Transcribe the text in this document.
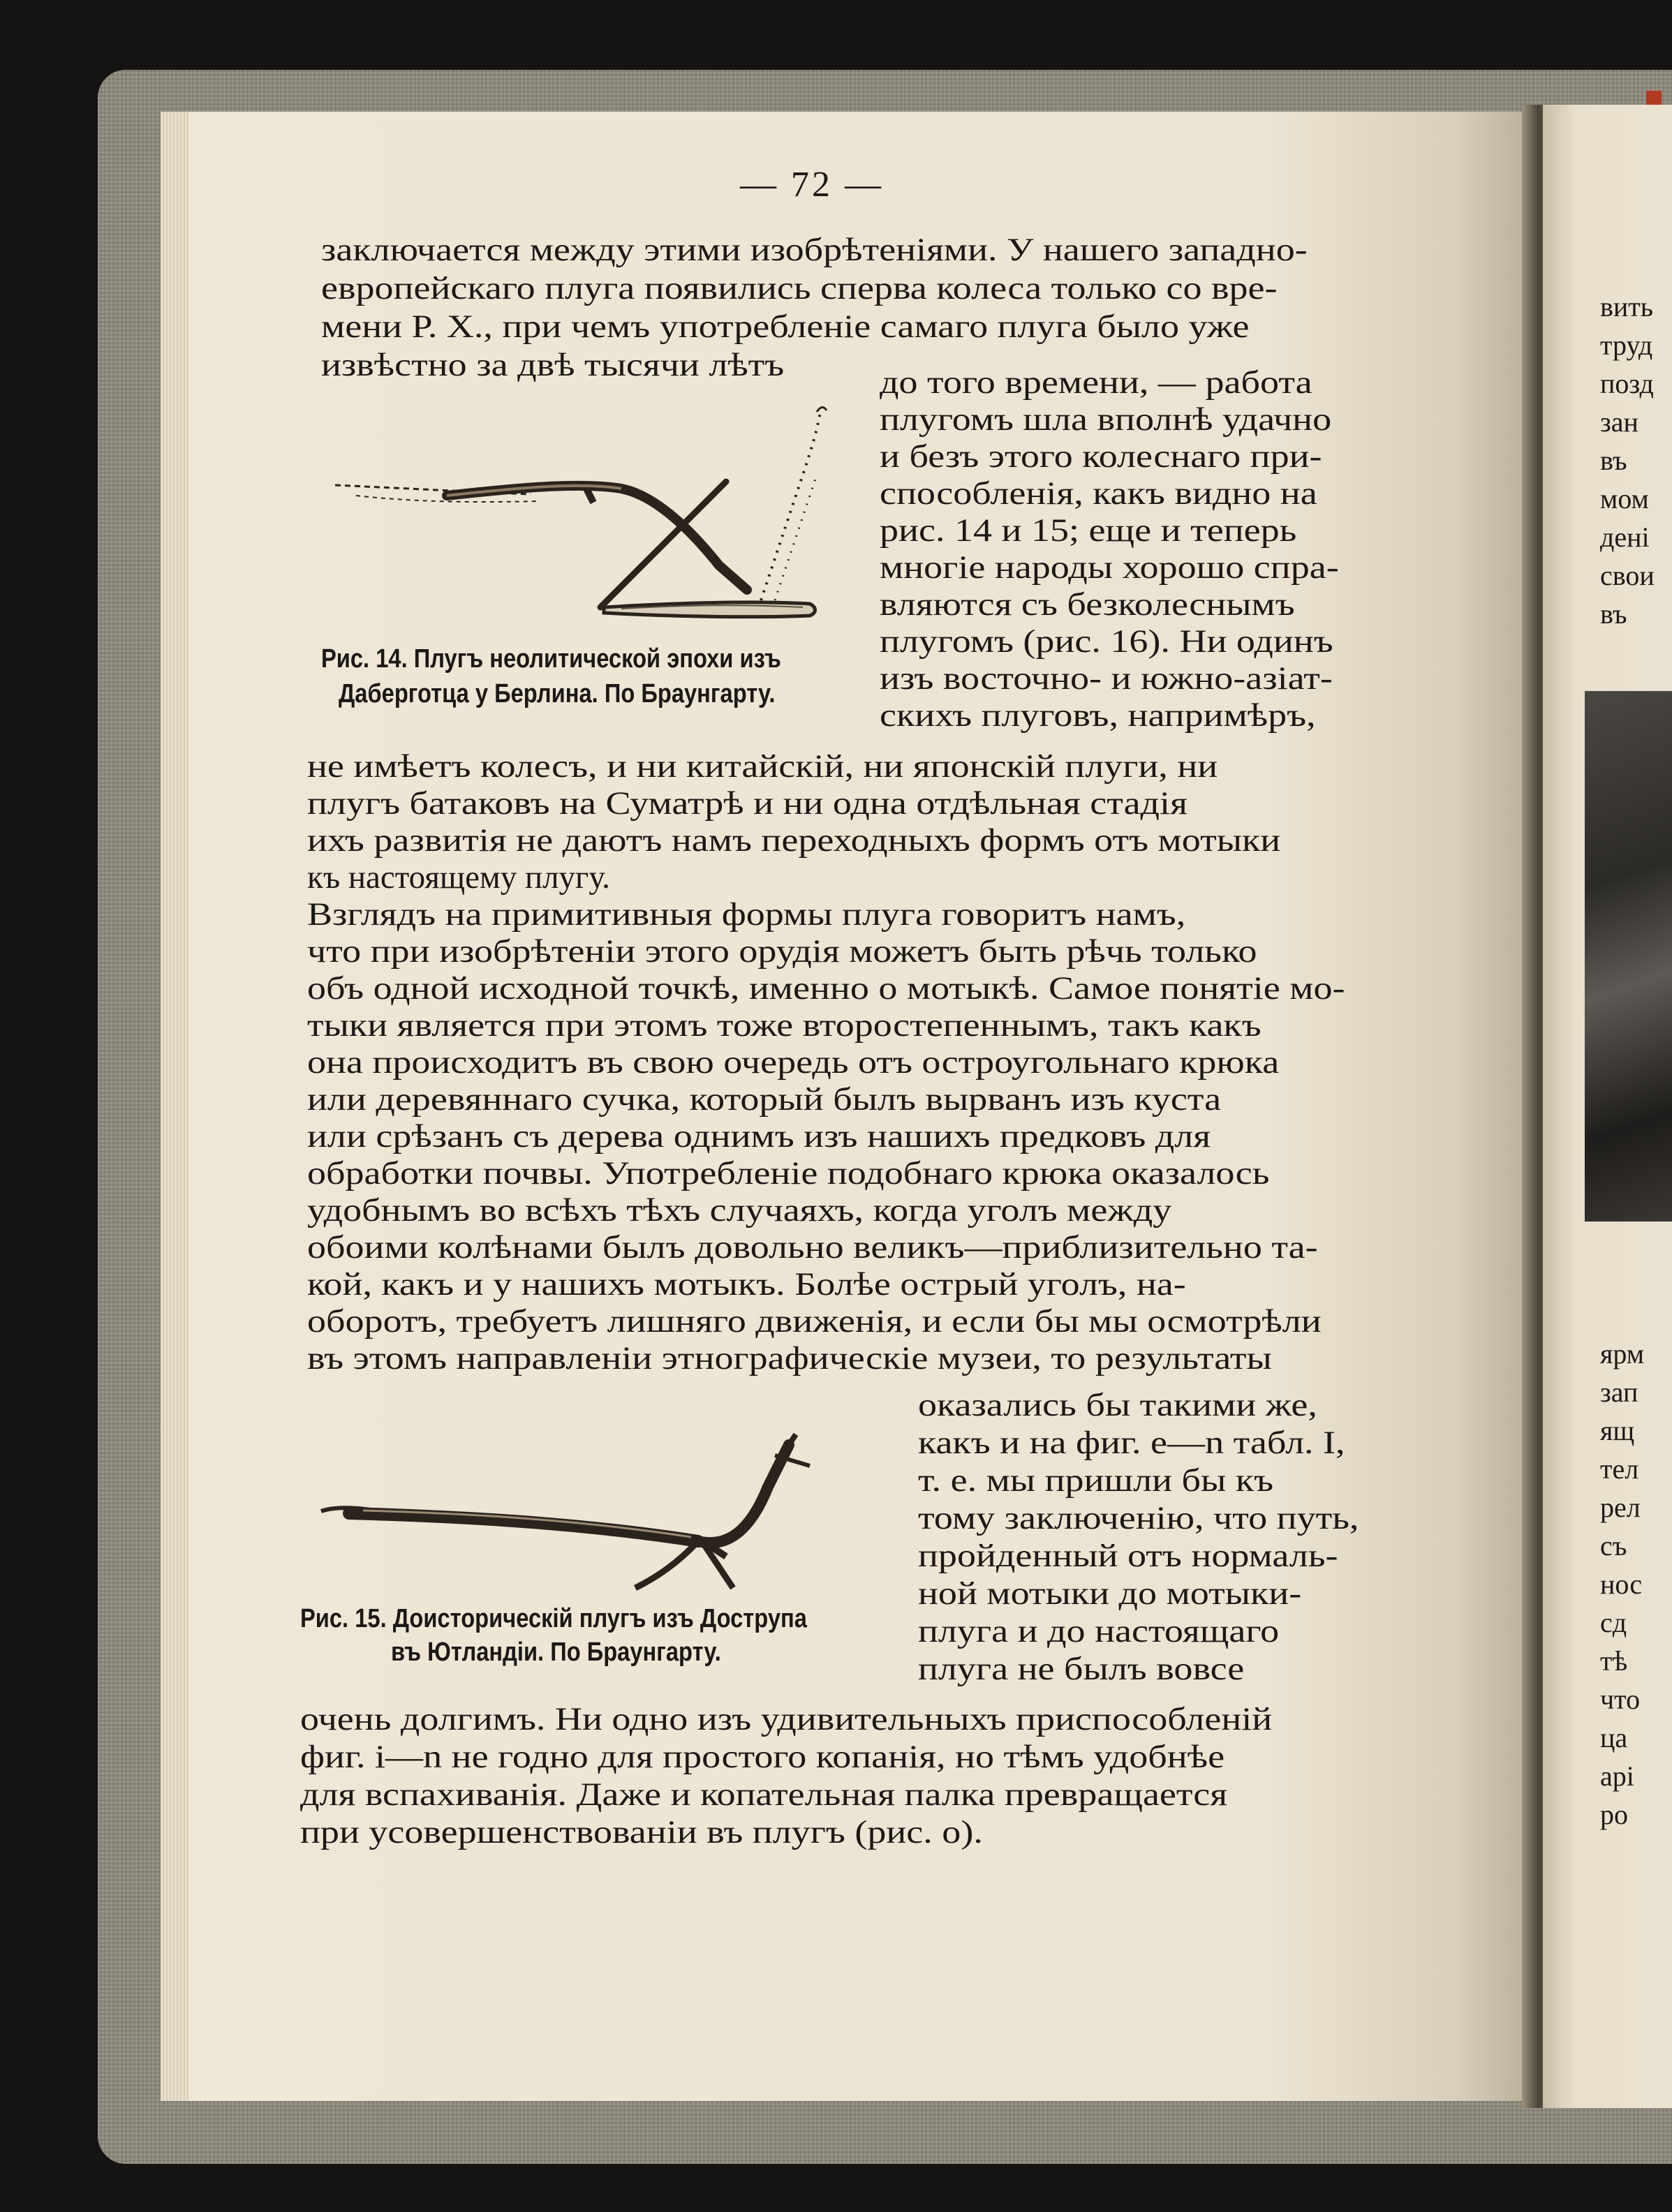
вить
труд
позд
зан
въ
мом
дені
свои
въ
ярм
зап
ящ
тел
рел
съ
нос
сд
тѣ
что
ца
арі
ро
— 72 —
заключается между этими изобрѣтеніями. У нашего западно-
европейскаго плуга появились сперва колеса только со вре-
мени Р. Х., при чемъ употребленіе самаго плуга было уже
извѣстно за двѣ тысячи лѣтъ	до того времени, — работа
плугомъ шла вполнѣ удачно
и безъ этого колеснаго при-
способленія, какъ видно на
рис. 14 и 15; еще и теперь
многіе народы хорошо спра-
вляются съ безколеснымъ
плугомъ (рис. 16). Ни одинъ
изъ восточно- и южно-азіат-
скихъ плуговъ, напримѣръ,
не имѣетъ колесъ, и ни китайскій, ни японскій плуги, ни
плугъ батаковъ на Суматрѣ и ни одна отдѣльная стадія
ихъ развитія не даютъ намъ переходныхъ формъ отъ мотыки
къ настоящему плугу.
Взглядъ на примитивныя формы плуга говоритъ намъ,
что при изобрѣтеніи этого орудія можетъ быть рѣчь только
объ одной исходной точкѣ, именно о мотыкѣ. Самое понятіе мо-
тыки является при этомъ тоже второстепеннымъ, такъ какъ
она происходитъ въ свою очередь отъ остроугольнаго крюка
или деревяннаго сучка, который былъ вырванъ изъ куста
или срѣзанъ съ дерева однимъ изъ нашихъ предковъ для
обработки почвы. Употребленіе подобнаго крюка оказалось
удобнымъ во всѣхъ тѣхъ случаяхъ, когда уголъ между
обоими колѣнами былъ довольно великъ—приблизительно та-
кой, какъ и у нашихъ мотыкъ. Болѣе острый уголъ, на-
оборотъ, требуетъ лишняго движенія, и если бы мы осмотрѣли
въ этомъ направленіи этнографическіе музеи, то результаты
оказались бы такими же,
какъ и на фиг. е—n табл. I,
т. е. мы пришли бы къ
тому заключенію, что путь,
пройденный отъ нормаль-
ной мотыки до мотыки-
плуга и до настоящаго
плуга не былъ вовсе
очень долгимъ. Ни одно изъ удивительныхъ приспособленій
фиг. i—n не годно для простого копанія, но тѣмъ удобнѣе
для вспахиванія. Даже и копательная палка превращается
при усовершенствованіи въ плугъ (рис. о).
Рис. 14. Плугъ неолитической эпохи изъ
Даберготца у Берлина. По Браунгарту.
Рис. 15. Доисторическій плугъ изъ Дострупа
въ Ютландіи. По Браунгарту.
